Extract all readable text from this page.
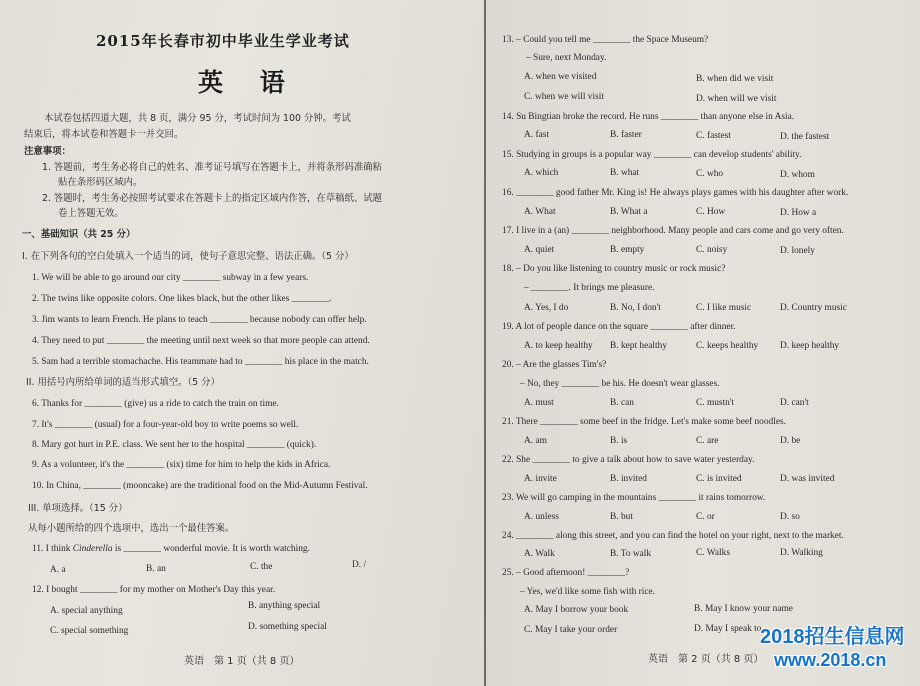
2015年长春市初中毕业生学业考试
英 语
本试卷包括四道大题，共 8 页，满分 95 分，考试时间为 100 分钟。考试
结束后，将本试卷和答题卡一并交回。
注意事项：
1. 答题前，考生务必将自己的姓名、准考证号填写在答题卡上，并将条形码准确粘
贴在条形码区域内。
2. 答题时，考生务必按照考试要求在答题卡上的指定区域内作答，在草稿纸、试题
卷上答题无效。
一、基础知识（共 25 分）
I. 在下列各句的空白处填入一个适当的词，使句子意思完整、语法正确。（5 分）
1. We will be able to go around our city ________ subway in a few years.
2. The twins like opposite colors. One likes black, but the other likes ________.
3. Jim wants to learn French. He plans to teach ________ because nobody can offer help.
4. They need to put ________ the meeting until next week so that more people can attend.
5. Sam had a terrible stomachache. His teammate had to ________ his place in the match.
II. 用括号内所给单词的适当形式填空。（5 分）
6. Thanks for ________ (give) us a ride to catch the train on time.
7. It's ________ (usual) for a four-year-old boy to write poems so well.
8. Mary got hurt in P.E. class. We sent her to the hospital ________ (quick).
9. As a volunteer, it's the ________ (six) time for him to help the kids in Africa.
10. In China, ________ (mooncake) are the traditional food on the Mid-Autumn Festival.
III. 单项选择。（15 分）
从每小题所给的四个选项中，选出一个最佳答案。
11. I think Cinderella is ________ wonderful movie. It is worth watching.
A. a	B. an	C. the	D. /
12. I bought ________ for my mother on Mother's Day this year.
A. special anything	B. anything special
C. special something	D. something special
英语　第 1 页（共 8 页）
13. – Could you tell me ________ the Space Museum?
– Sure, next Monday.
A. when we visited	B. when did we visit
C. when we will visit	D. when will we visit
14. Su Bingtian broke the record. He runs ________ than anyone else in Asia.
A. fast	B. faster	C. fastest	D. the fastest
15. Studying in groups is a popular way ________ can develop students' ability.
A. which	B. what	C. who	D. whom
16. ________ good father Mr. King is! He always plays games with his daughter after work.
A. What	B. What a	C. How	D. How a
17. I live in a (an) ________ neighborhood. Many people and cars come and go very often.
A. quiet	B. empty	C. noisy	D. lonely
18. – Do you like listening to country music or rock music?
– ________. It brings me pleasure.
A. Yes, I do	B. No, I don't	C. I like music	D. Country music
19. A lot of people dance on the square ________ after dinner.
A. to keep healthy B. kept healthy	C. keeps healthy D. keep healthy
20. – Are the glasses Tim's?
– No, they ________ be his. He doesn't wear glasses.
A. must	B. can	C. mustn't	D. can't
21. There ________ some beef in the fridge. Let's make some beef noodles.
A. am	B. is	C. are	D. be
22. She ________ to give a talk about how to save water yesterday.
A. invite	B. invited	C. is invited	D. was invited
23. We will go camping in the mountains ________ it rains tomorrow.
A. unless	B. but	C. or	D. so
24. ________ along this street, and you can find the hotel on your right, next to the market.
A. Walk	B. To walk	C. Walks	D. Walking
25. – Good afternoon! ________?
– Yes, we'd like some fish with rice.
A. May I borrow your book	B. May I know your name
C. May I take your order	D. May I speak to
英语　第 2 页（共 8 页）
2018招生信息网
www.2018.cn
